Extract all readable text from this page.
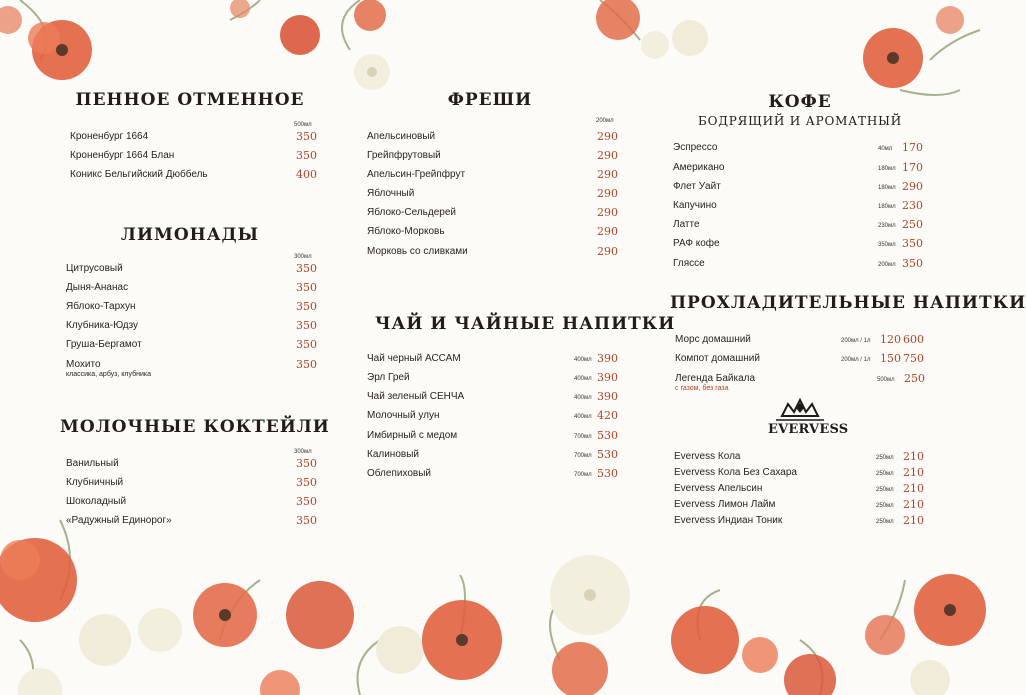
ПЕННОЕ ОТМЕННОЕ
500мл
Кроненбург 1664	350
Кроненбург 1664 Блан	350
Коникс Бельгийский Дюббель	400
ЛИМОНАДЫ
300мл
Цитрусовый	350
Дыня-Ананас	350
Яблоко-Тархун	350
Клубника-Юдзу	350
Груша-Бергамот	350
Мохито	350
классика, арбуз, клубника
МОЛОЧНЫЕ КОКТЕЙЛИ
300мл
Ванильный	350
Клубничный	350
Шоколадный	350
«Радужный Единорог»	350
ФРЕШИ
200мл
Апельсиновый	290
Грейпфрутовый	290
Апельсин-Грейпфрут	290
Яблочный	290
Яблоко-Сельдерей	290
Яблоко-Морковь	290
Морковь со сливками	290
ЧАЙ И ЧАЙНЫЕ НАПИТКИ
Чай черный АССАМ	400мл 390
Эрл Грей	400мл 390
Чай зеленый СЕНЧА	400мл 390
Молочный улун	400мл 420
Имбирный с медом	700мл 530
Калиновый	700мл 530
Облепиховый	700мл 530
КОФЕ
БОДРЯЩИЙ И АРОМАТНЫЙ
Эспрессо	40мл 170
Американо	180мл 170
Флет Уайт	180мл 290
Капучино	180мл 230
Латте	230мл 250
РАФ кофе	350мл 350
Гляссе	200мл 350
ПРОХЛАДИТЕЛЬНЫЕ НАПИТКИ
Морс домашний	200мл / 1л 120 600
Компот домашний	200мл / 1л 150 750
Легенда Байкала	500мл 250
с газом, без газа
EVERVESS
Evervess Кола	250мл 210
Evervess Кола Без Сахара	250мл 210
Evervess Апельсин	250мл 210
Evervess Лимон Лайм	250мл 210
Evervess Индиан Тоник	250мл 210
